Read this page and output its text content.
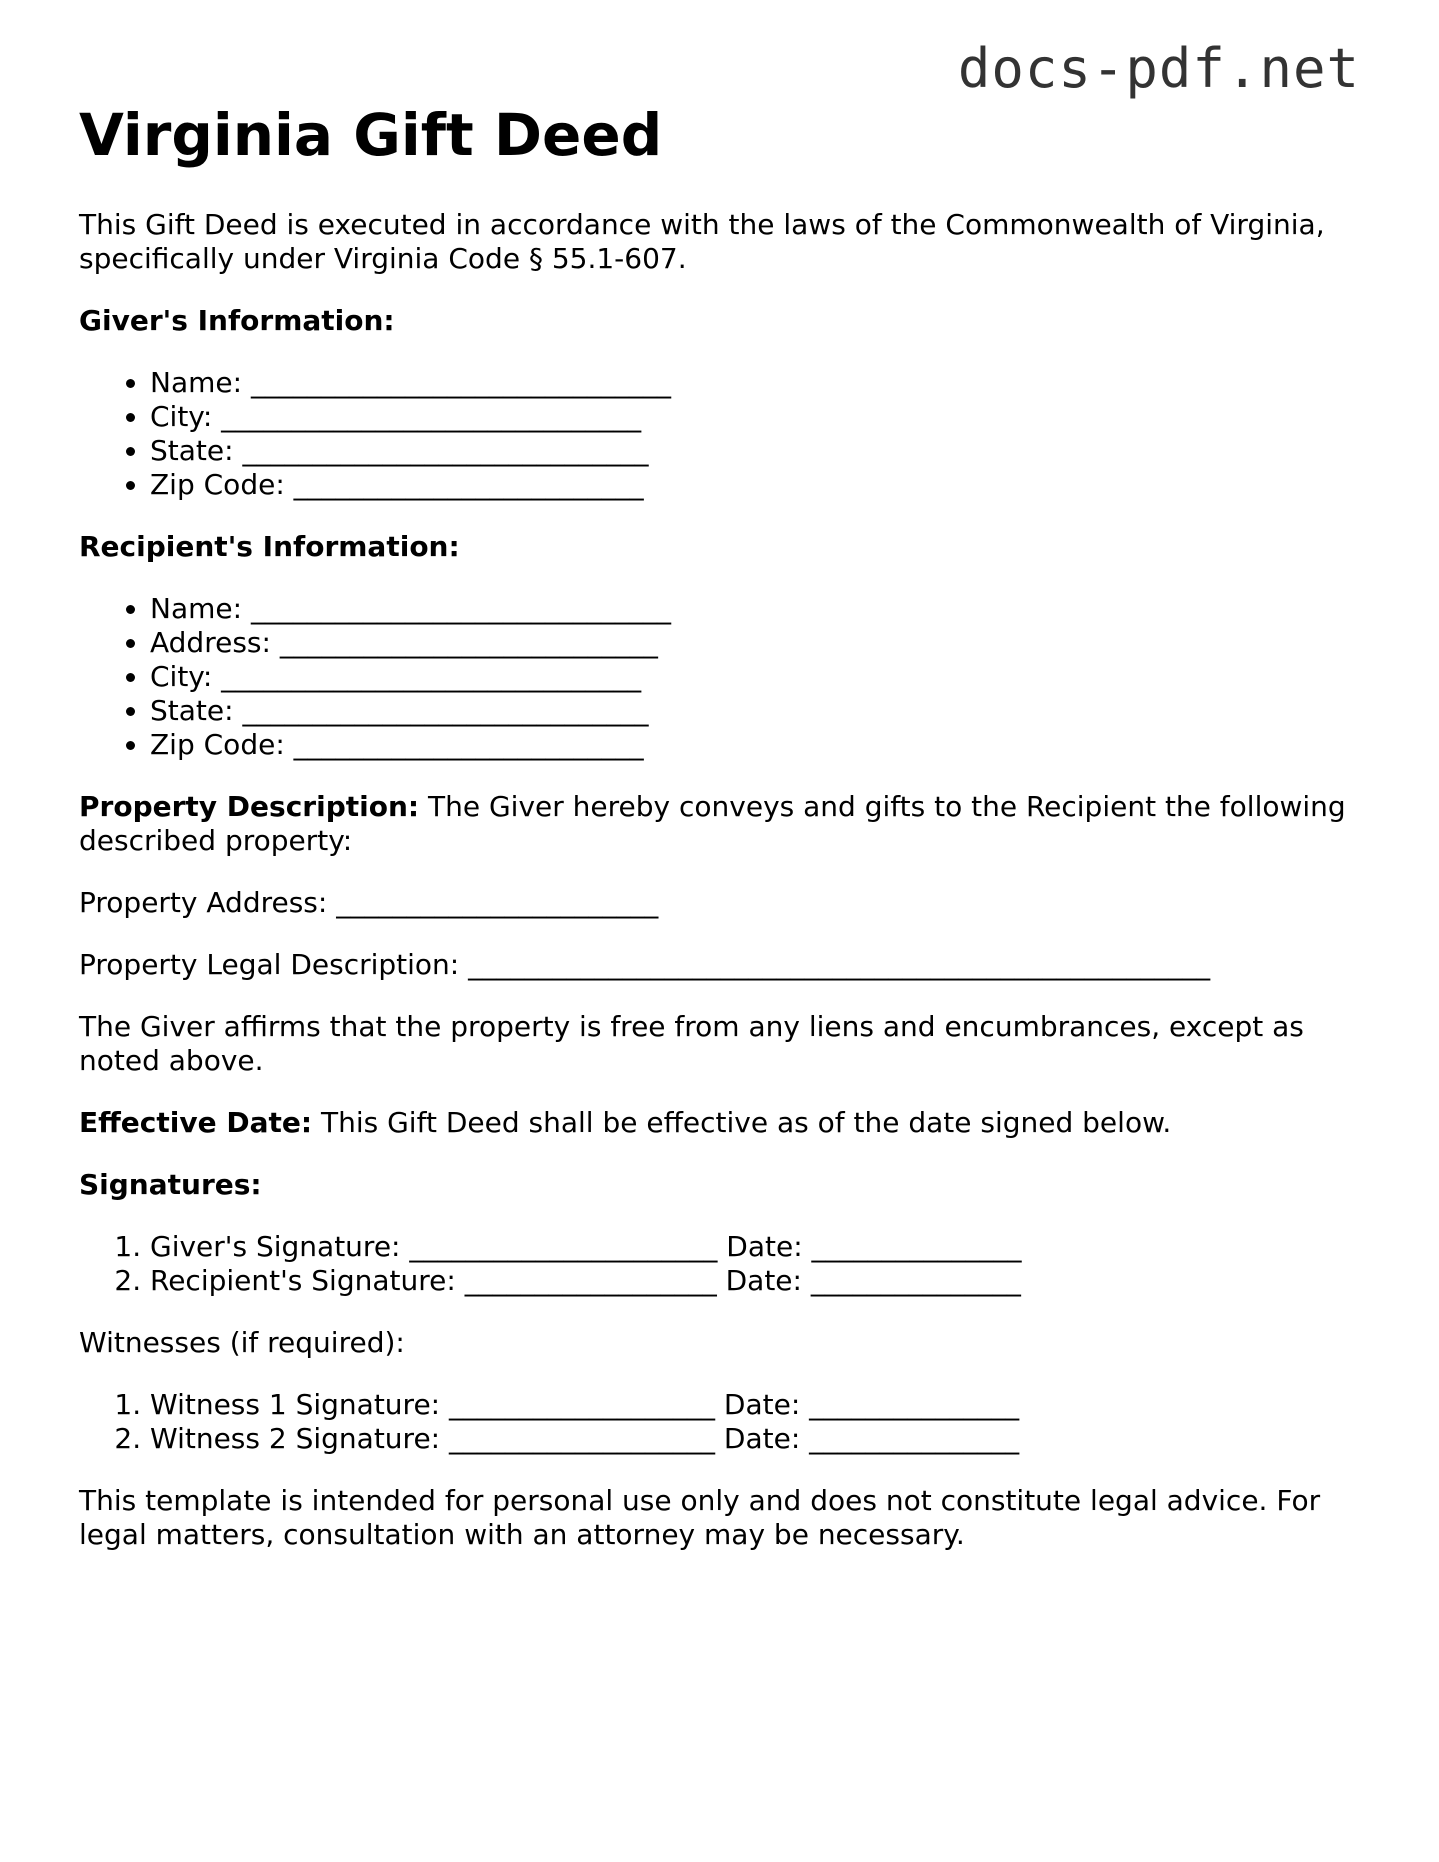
docs-pdf.net
Virginia Gift Deed

This Gift Deed is executed in accordance with the laws of the Commonwealth of Virginia, specifically under Virginia Code § 55.1-607.

Giver's Information:

• Name: ______________________________
• City: ______________________________
• State: _____________________________
• Zip Code: _________________________

Recipient's Information:

• Name: ______________________________
• Address: ___________________________
• City: ______________________________
• State: _____________________________
• Zip Code: _________________________

Property Description: The Giver hereby conveys and gifts to the Recipient the following described property:

Property Address: _______________________

Property Legal Description: _____________________________________________________

The Giver affirms that the property is free from any liens and encumbrances, except as noted above.

Effective Date: This Gift Deed shall be effective as of the date signed below.

Signatures:

1. Giver's Signature: ______________________ Date: _______________
2. Recipient's Signature: __________________ Date: _______________

Witnesses (if required):

1. Witness 1 Signature: ___________________ Date: _______________
2. Witness 2 Signature: ___________________ Date: _______________

This template is intended for personal use only and does not constitute legal advice. For legal matters, consultation with an attorney may be necessary.
